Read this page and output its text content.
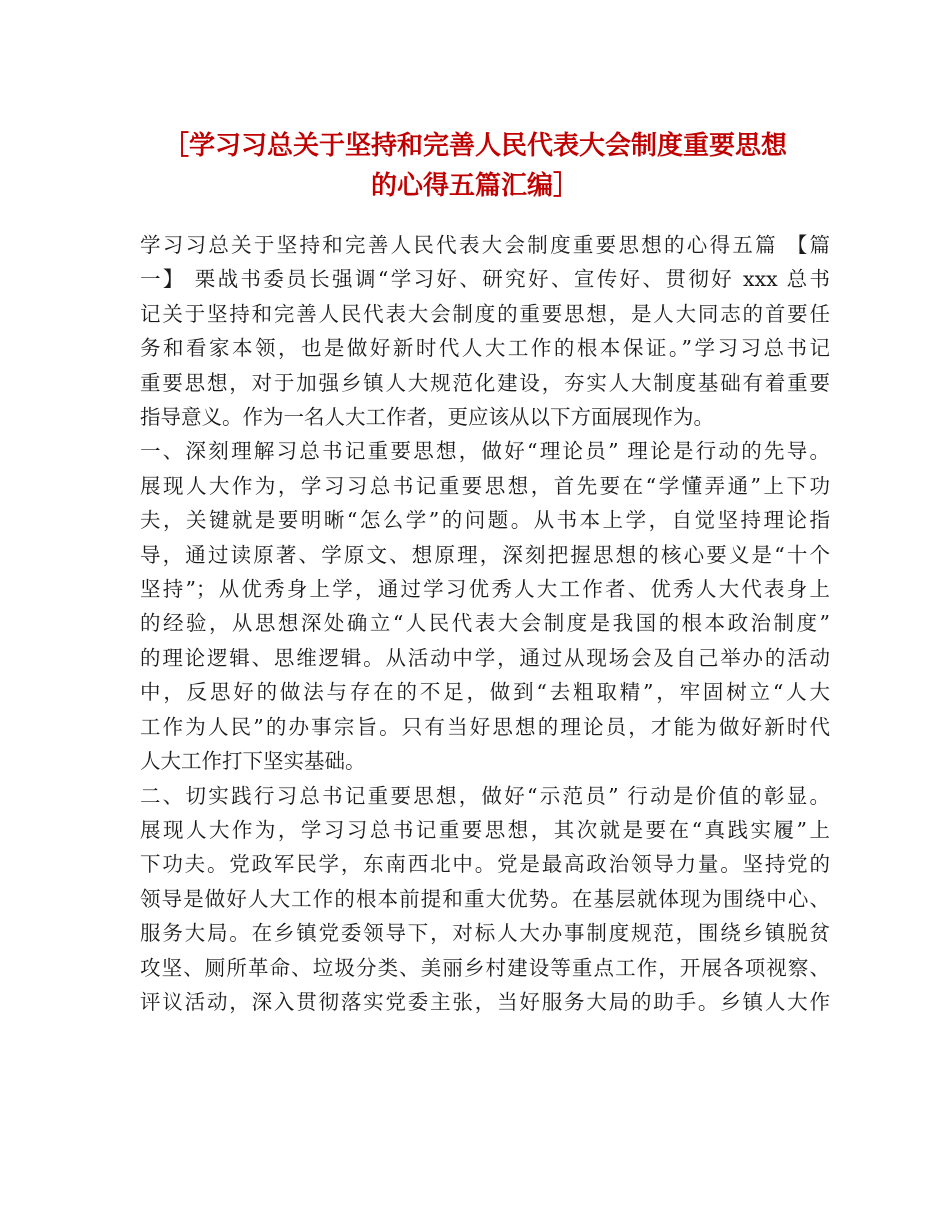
［学习习总关于坚持和完善人民代表大会制度重要思想
的心得五篇汇编］
学习习总关于坚持和完善人民代表大会制度重要思想的心得五篇 【篇
一】 栗战书委员长强调“学习好、研究好、宣传好、贯彻好 xxx 总书
记关于坚持和完善人民代表大会制度的重要思想，是人大同志的首要任
务和看家本领，也是做好新时代人大工作的根本保证。”学习习总书记
重要思想，对于加强乡镇人大规范化建设，夯实人大制度基础有着重要
指导意义。作为一名人大工作者，更应该从以下方面展现作为。
一、深刻理解习总书记重要思想，做好“理论员” 理论是行动的先导。
展现人大作为，学习习总书记重要思想，首先要在“学懂弄通”上下功
夫，关键就是要明晰“怎么学”的问题。从书本上学，自觉坚持理论指
导，通过读原著、学原文、想原理，深刻把握思想的核心要义是“十个
坚持”；从优秀身上学，通过学习优秀人大工作者、优秀人大代表身上
的经验，从思想深处确立“人民代表大会制度是我国的根本政治制度”
的理论逻辑、思维逻辑。从活动中学，通过从现场会及自己举办的活动
中，反思好的做法与存在的不足，做到“去粗取精”，牢固树立“人大
工作为人民”的办事宗旨。只有当好思想的理论员，才能为做好新时代
人大工作打下坚实基础。
二、切实践行习总书记重要思想，做好“示范员” 行动是价值的彰显。
展现人大作为，学习习总书记重要思想，其次就是要在“真践实履”上
下功夫。党政军民学，东南西北中。党是最高政治领导力量。坚持党的
领导是做好人大工作的根本前提和重大优势。在基层就体现为围绕中心、
服务大局。在乡镇党委领导下，对标人大办事制度规范，围绕乡镇脱贫
攻坚、厕所革命、垃圾分类、美丽乡村建设等重点工作，开展各项视察、
评议活动，深入贯彻落实党委主张，当好服务大局的助手。乡镇人大作
